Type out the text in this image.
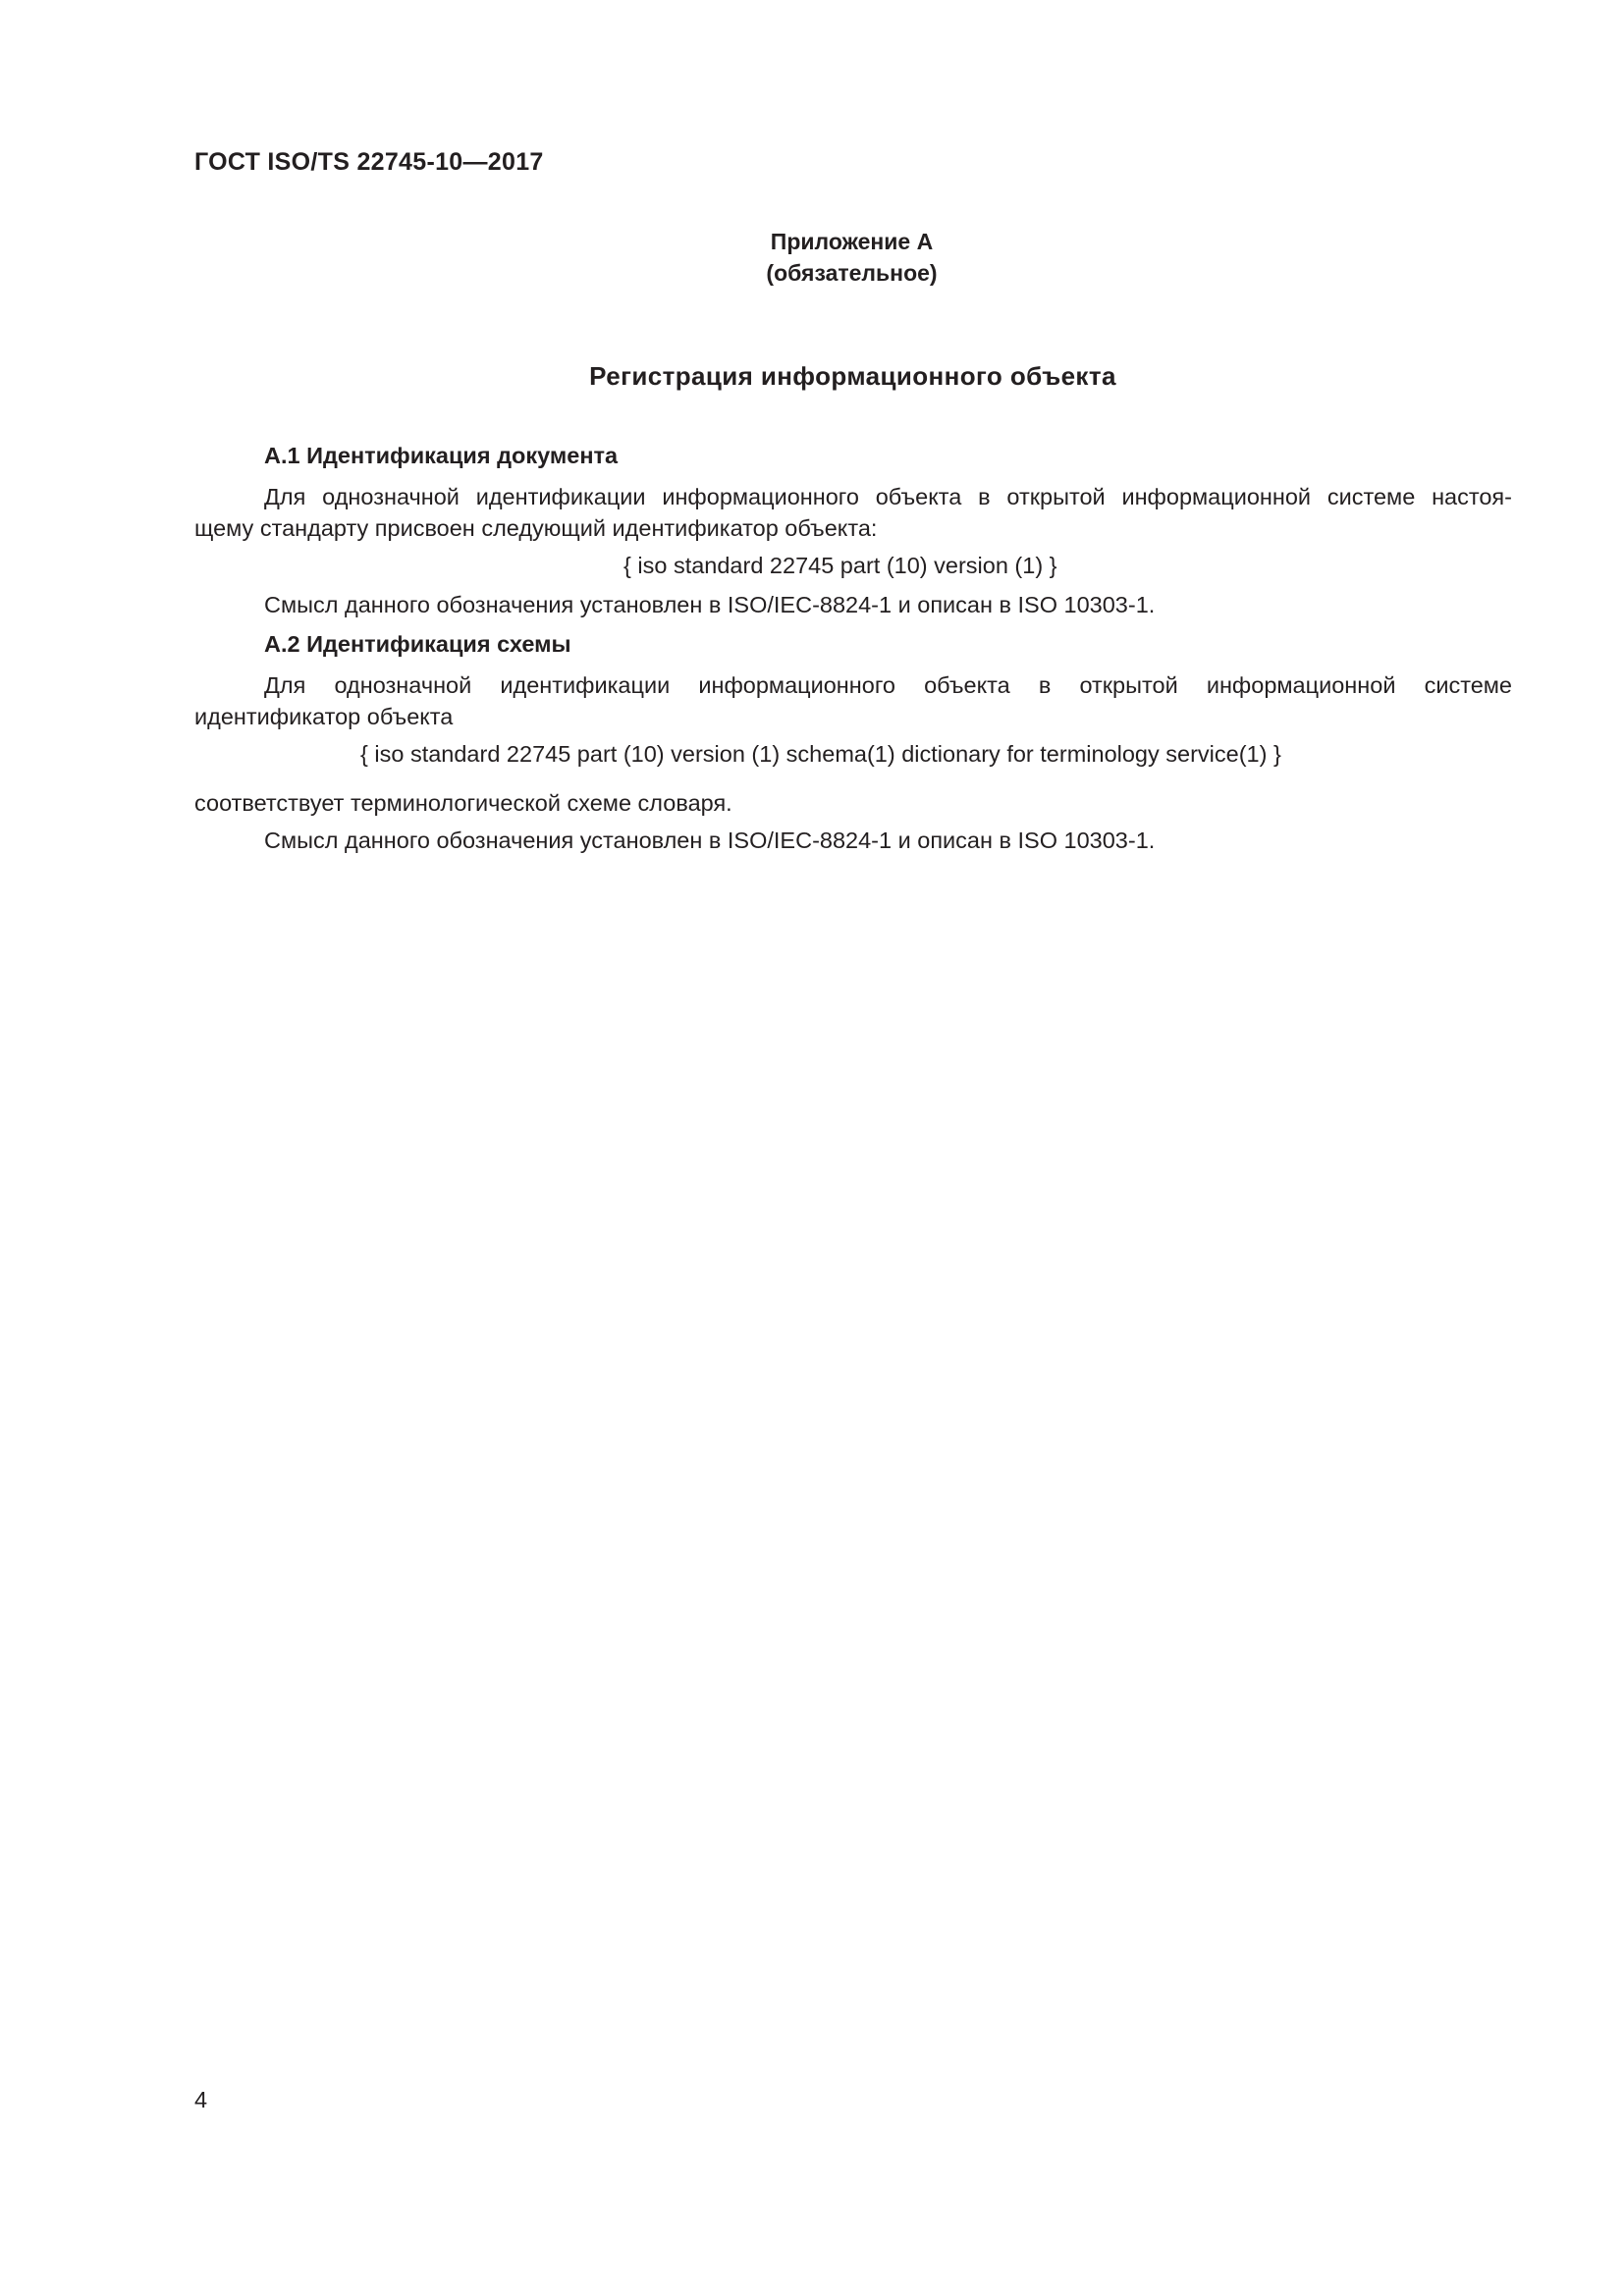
ГОСТ ISO/TS 22745-10—2017
Приложение А
(обязательное)
Регистрация информационного объекта
А.1 Идентификация документа

Для однозначной идентификации информационного объекта в открытой информационной системе настоя-
щему стандарту присвоен следующий идентификатор объекта:

{ iso standard 22745 part (10) version (1) }

Смысл данного обозначения установлен в ISO/IEC-8824-1 и описан в ISO 10303-1.

А.2 Идентификация схемы

Для однозначной идентификации информационного объекта в открытой информационной системе
идентификатор объекта

{ iso standard 22745 part (10) version (1) schema(1) dictionary for terminology service(1) }

соответствует терминологической схеме словаря.

Смысл данного обозначения установлен в ISO/IEC-8824-1 и описан в ISO 10303-1.

4
